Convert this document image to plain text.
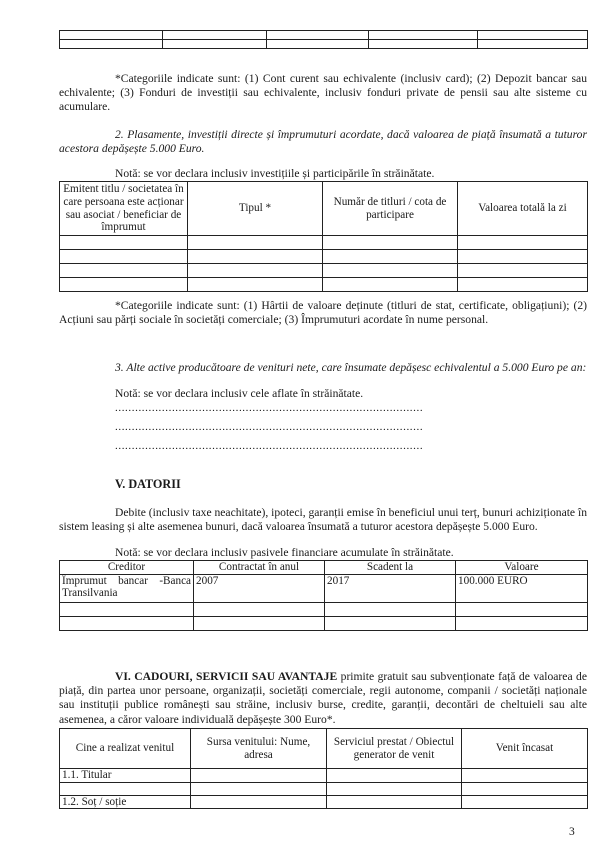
*Categoriile indicate sunt: (1) Cont curent sau echivalente (inclusiv card); (2) Depozit bancar sau echivalente; (3) Fonduri de investiții sau echivalente, inclusiv fonduri private de pensii sau alte sisteme cu acumulare.
2. Plasamente, investiții directe și împrumuturi acordate, dacă valoarea de piață însumată a tuturor acestora depășește 5.000 Euro.
Notă: se vor declara inclusiv investițiile și participările în străinătate.
Emitent titlu / societatea în care persoana este acționar sau asociat / beneficiar de împrumut	Tipul *	Număr de titluri / cota de participare	Valoarea totală la zi

*Categoriile indicate sunt: (1) Hârtii de valoare deținute (titluri de stat, certificate, obligațiuni); (2) Acțiuni sau părți sociale în societăți comerciale; (3) Împrumuturi acordate în nume personal.
3. Alte active producătoare de venituri nete, care însumate depășesc echivalentul a 5.000 Euro pe an:
Notă: se vor declara inclusiv cele aflate în străinătate.
............................................................................................
............................................................................................
............................................................................................
V. DATORII
Debite (inclusiv taxe neachitate), ipoteci, garanții emise în beneficiul unui terț, bunuri achiziționate în sistem leasing și alte asemenea bunuri, dacă valoarea însumată a tuturor acestora depășește 5.000 Euro.
Notă: se vor declara inclusiv pasivele financiare acumulate în străinătate.
Creditor	Contractat în anul	Scadent la	Valoare
Împrumut bancar -Banca Transilvania	2007	2017	100.000 EURO

VI. CADOURI, SERVICII SAU AVANTAJE primite gratuit sau subvenționate față de valoarea de piață, din partea unor persoane, organizații, societăți comerciale, regii autonome, companii / societăți naționale sau instituții publice românești sau străine, inclusiv burse, credite, garanții, decontări de cheltuieli sau alte asemenea, a căror valoare individuală depășește 300 Euro*.
Cine a realizat venitul	Sursa venitului: Nume, adresa	Serviciul prestat / Obiectul generator de venit	Venit încasat
1.1. Titular			

1.2. Soț / soție			
3
